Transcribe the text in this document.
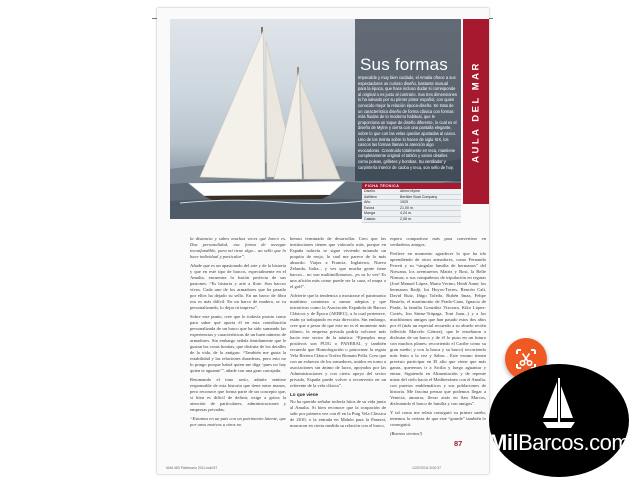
Sus formas
Impecable y muy bien cuidado, el Amalia ofrece a sus espectadores un curioso diseño, bastante inusual para la época, que hace incluso dudar si corresponde al original o es justo al contrario. Sus tres dimensiones lo ha salvado por su primer pintor español, con quien conocido mejor la relación época-diseño. Se trata de un característico diseño de forma clásica con formas más fluidas de lo moderno habitual, que le proporciona un toque de diseño diferente, lo cual es el diseño de Mylne y cierra con una pantalla elegante, sobre lo que con las velas quedan ajustadas al casco. Uno de los treinta sobre lo hacen de siglo XIX, los cascos las formas llaman la atención algo evocadoras. Construido totalmente en teca, mantiene completamente original el tablón y varios detalles como poleas, grilletes y bombas. Su ventilador y carpintería interior de caoba y teca, son sello de hoy.
AULA DEL MAR
FICHA TÉCNICA
Diseño	Alfred Mylne
Astillero	Bertkier Boat Company
Año	1925
Eslora	21,00 m.
Manga	4,24 m.
Calado	2,08 m.

la distancia y sabes muchas veces qué barco es. Das personalidad, esa forma de navegar inconfundible, para mí tiene algo... un sello que lo hace individual y particular”.

Añade que es un apasionado del arte y de la historia y que en este tipo de barcos, especialmente en el Amalia, encuentra la fusión perfecta de sus pasiones: “Es historia y arte a flote. Son barcos vivos. Cada uno de los armadores que ha pasado por ellos ha dejado su sello. En un barco de fibra eso es más difícil. En un barco de madera, se va personalizando, lo dejas tú impreso”.

Sobre este punto, cree que lo todavía pronto como para saber qué aporta él en esta contribución personalizada de un barco que ha sido sumando las experiencias y características de un buen número de armadores. Sin embargo señala tímidamente que le gustan las cosas bonitas, que disfruta de los detalles de la vida, de lo antiguo: “También me gusta la estabilidad y las relaciones duraderas, pero esto no lo pongo porque habrá quien me diga ‘pues no hay quien te aguante’”, añade con una gran carcajada.

Retomando el tono serio, admite sentirse responsable de esta historia que tiene entre manos, pero reconoce que forma parte de un concepto que, si bien es difícil de definir, exige a gritos la atención de particulares, administraciones y empresas privadas.

“Estamos en un país con un patrimonio latente, que por unos motivos u otros no

hemos terminado de desarrollar. Creo que las instituciones tienen que valorarlo más, porque en España todavía se sigue viviendo mirando un poquito de reojo, lo cual me parece de lo más absurdo. Viajas a Francia, Inglaterra, Nueva Zelanda, Italia... y ves que mucha gente tiene barcos... no son multimillonarios, ¡es su lo ves! Es una afición más como puede ser la caza, el mapa o el golf”.

Advierte que la tendencia a mostrarse el patrimonio marítimo comienza a sumar adeptos y que iniciativas como la Asociación Española de Barcos Clásicos y de Época (AEBEC), a la cual pertenece, están ya trabajando en esta dirección. Sin embargo, cree que a pesar de que este no es el momento más idóneo, la empresa privada podría volcarse más hacia este sector de la náutica: “Ejemplos muy positivos son PUIG o PANERAI, y también recuerdo que Homologación o patrocinar la regata Vela Riviera Clásica Trofeo Romain Pella. Creo que con un esfuerzo de los armadores, unidos en torno a asociaciones sin ánimo de lucro, apoyados por las Administraciones y con cierto apoyo del sector privado, España puede volver a reconvertir en un referente de la vela clásica”.

Lo que viene

No ha querido señalar todavía hitos de su vida junto al Amalia. Si bien reconoce que la ocupación de salir por primera vez con él en la Puig Vela Clàssica de 2010, o la entrada en Mahón para la Panerai, marcaron en cierta medida su relación con el barco,

espera compartirse más para convertirse en verdaderos amigos.

Prefiere en momento agradecer lo que ha ido aprendiendo de otros armadores, como Fernando Ferreti y su “singular familia de hermanos” del Nirwana, los aventureros Matriz y Rosi, la Belle Nirmas, o sus compañeros de tripulación en regatas (José Manuel López, Marta Vecino, Heidi Anne; los hermanos Radji, los Hoyos-Torres, Rencón Cali, David Ruiz, Iñigo Toledo, Rubén Imaz, Felipe Bustelo, el matrimonio de Prado-Cano, Ignacio de Prada, la familia González Vizcarra, Kiko López-Cortés, Ion Sáenz-Trápaga, Toni Juan...) y a los muchísimos amigos que han pasado estos dos años por él (más un especial recuerdo a su abuelo recién fallecido Marcelo Gómez), que le enseñaron a disfrutar de un barco y de él lo puso en un futuro con muchos planes; recorriendo el Caribe como su gran sueño; y con la barca y su barco) recorriendo más lento a la vez y Sabor... Este verano tienen previsto participar en El alto que viene que más ganas, queremos ir a Sicilia y luego aguantar y entrar. Siguiendo en Alimentación y de repente mirar del cielo hacia el Mediterráneo con el Amalia, con puertos emblemáticos y sus poblaciones de historia. Me fascina pensar que podemos llegar a Venecia, amarrar, llevar atrás en San Marcos, disfrutando el barco de familia y con amigos”.

Y tal como me relata consiguió su primer sueño, tenemos la certeza de que este “grande” también lo conseguirá.

(Buenos vientos!)

87
AMA 483 Patrimonio 2011.indd 87	12/07/2011 8:00:37
MilBarcos.com
